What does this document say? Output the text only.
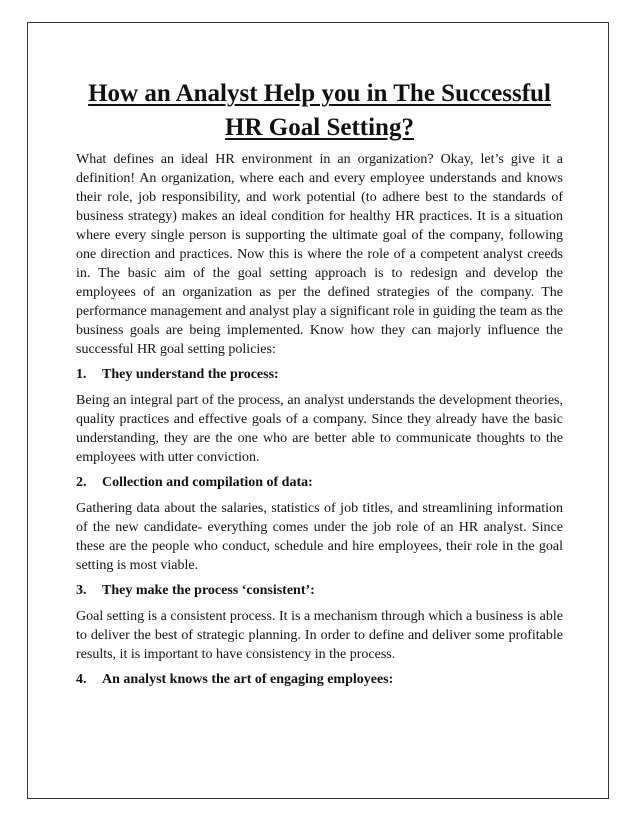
How an Analyst Help you in The Successful HR Goal Setting?

What defines an ideal HR environment in an organization? Okay, let’s give it a definition! An organization, where each and every employee understands and knows their role, job responsibility, and work potential (to adhere best to the standards of business strategy) makes an ideal condition for healthy HR practices. It is a situation where every single person is supporting the ultimate goal of the company, following one direction and practices. Now this is where the role of a competent analyst creeds in. The basic aim of the goal setting approach is to redesign and develop the employees of an organization as per the defined strategies of the company. The performance management and analyst play a significant role in guiding the team as the business goals are being implemented. Know how they can majorly influence the successful HR goal setting policies:

1. They understand the process:

Being an integral part of the process, an analyst understands the development theories, quality practices and effective goals of a company. Since they already have the basic understanding, they are the one who are better able to communicate thoughts to the employees with utter conviction.

2. Collection and compilation of data:

Gathering data about the salaries, statistics of job titles, and streamlining information of the new candidate- everything comes under the job role of an HR analyst. Since these are the people who conduct, schedule and hire employees, their role in the goal setting is most viable.

3. They make the process ‘consistent’:

Goal setting is a consistent process. It is a mechanism through which a business is able to deliver the best of strategic planning. In order to define and deliver some profitable results, it is important to have consistency in the process.

4. An analyst knows the art of engaging employees:
